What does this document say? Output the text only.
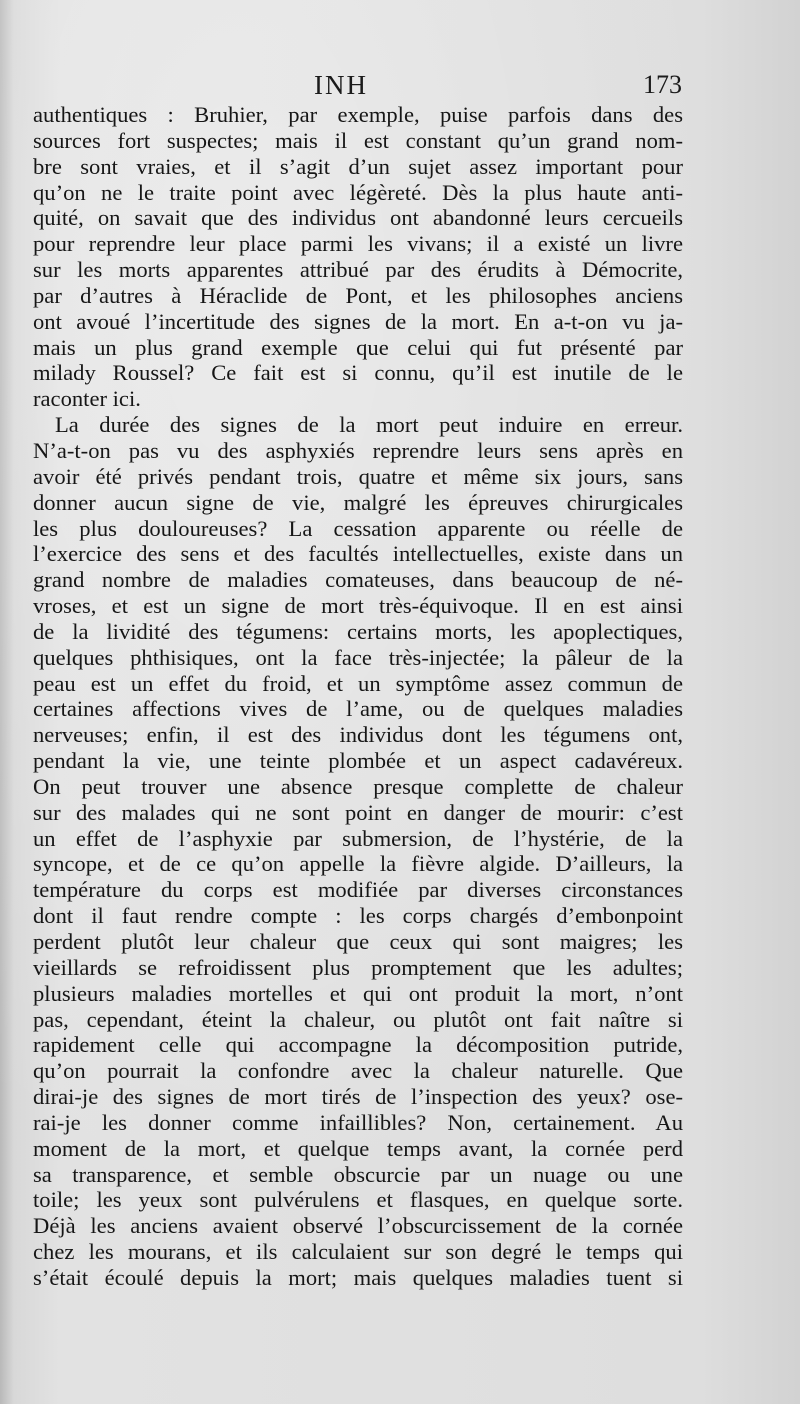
INH	173
authentiques : Bruhier, par exemple, puise parfois dans des
sources fort suspectes; mais il est constant qu’un grand nom-
bre sont vraies, et il s’agit d’un sujet assez important pour
qu’on ne le traite point avec légèreté. Dès la plus haute anti-
quité, on savait que des individus ont abandonné leurs cercueils
pour reprendre leur place parmi les vivans; il a existé un livre
sur les morts apparentes attribué par des érudits à Démocrite,
par d’autres à Héraclide de Pont, et les philosophes anciens
ont avoué l’incertitude des signes de la mort. En a-t-on vu ja-
mais un plus grand exemple que celui qui fut présenté par
milady Roussel? Ce fait est si connu, qu’il est inutile de le
raconter ici.
La durée des signes de la mort peut induire en erreur.
N’a-t-on pas vu des asphyxiés reprendre leurs sens après en
avoir été privés pendant trois, quatre et même six jours, sans
donner aucun signe de vie, malgré les épreuves chirurgicales
les plus douloureuses? La cessation apparente ou réelle de
l’exercice des sens et des facultés intellectuelles, existe dans un
grand nombre de maladies comateuses, dans beaucoup de né-
vroses, et est un signe de mort très-équivoque. Il en est ainsi
de la lividité des tégumens: certains morts, les apoplectiques,
quelques phthisiques, ont la face très-injectée; la pâleur de la
peau est un effet du froid, et un symptôme assez commun de
certaines affections vives de l’ame, ou de quelques maladies
nerveuses; enfin, il est des individus dont les tégumens ont,
pendant la vie, une teinte plombée et un aspect cadavéreux.
On peut trouver une absence presque complette de chaleur
sur des malades qui ne sont point en danger de mourir: c’est
un effet de l’asphyxie par submersion, de l’hystérie, de la
syncope, et de ce qu’on appelle la fièvre algide. D’ailleurs, la
température du corps est modifiée par diverses circonstances
dont il faut rendre compte : les corps chargés d’embonpoint
perdent plutôt leur chaleur que ceux qui sont maigres; les
vieillards se refroidissent plus promptement que les adultes;
plusieurs maladies mortelles et qui ont produit la mort, n’ont
pas, cependant, éteint la chaleur, ou plutôt ont fait naître si
rapidement celle qui accompagne la décomposition putride,
qu’on pourrait la confondre avec la chaleur naturelle. Que
dirai-je des signes de mort tirés de l’inspection des yeux? ose-
rai-je les donner comme infaillibles? Non, certainement. Au
moment de la mort, et quelque temps avant, la cornée perd
sa transparence, et semble obscurcie par un nuage ou une
toile; les yeux sont pulvérulens et flasques, en quelque sorte.
Déjà les anciens avaient observé l’obscurcissement de la cornée
chez les mourans, et ils calculaient sur son degré le temps qui
s’était écoulé depuis la mort; mais quelques maladies tuent si
